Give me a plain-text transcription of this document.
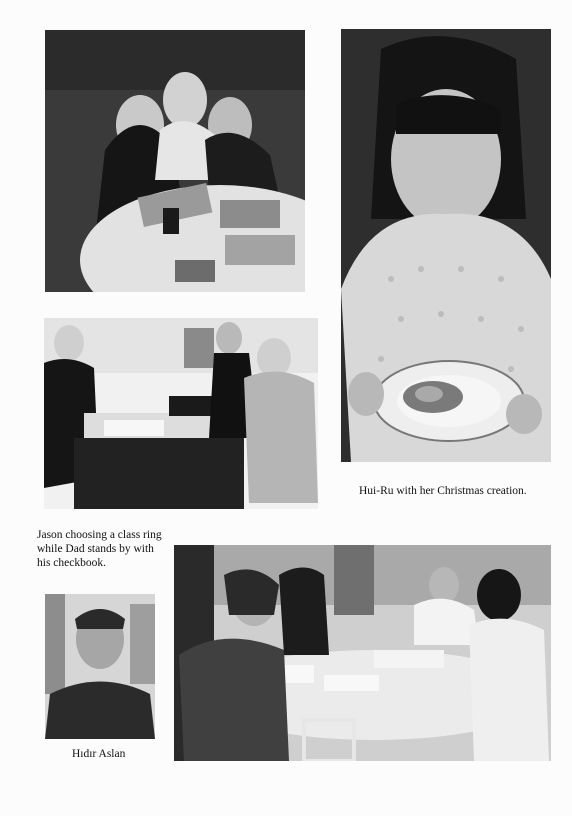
Hui-Ru with her Christmas creation.
Jason choosing a class ring
while Dad stands by with
his checkbook.
Hıdır Aslan
